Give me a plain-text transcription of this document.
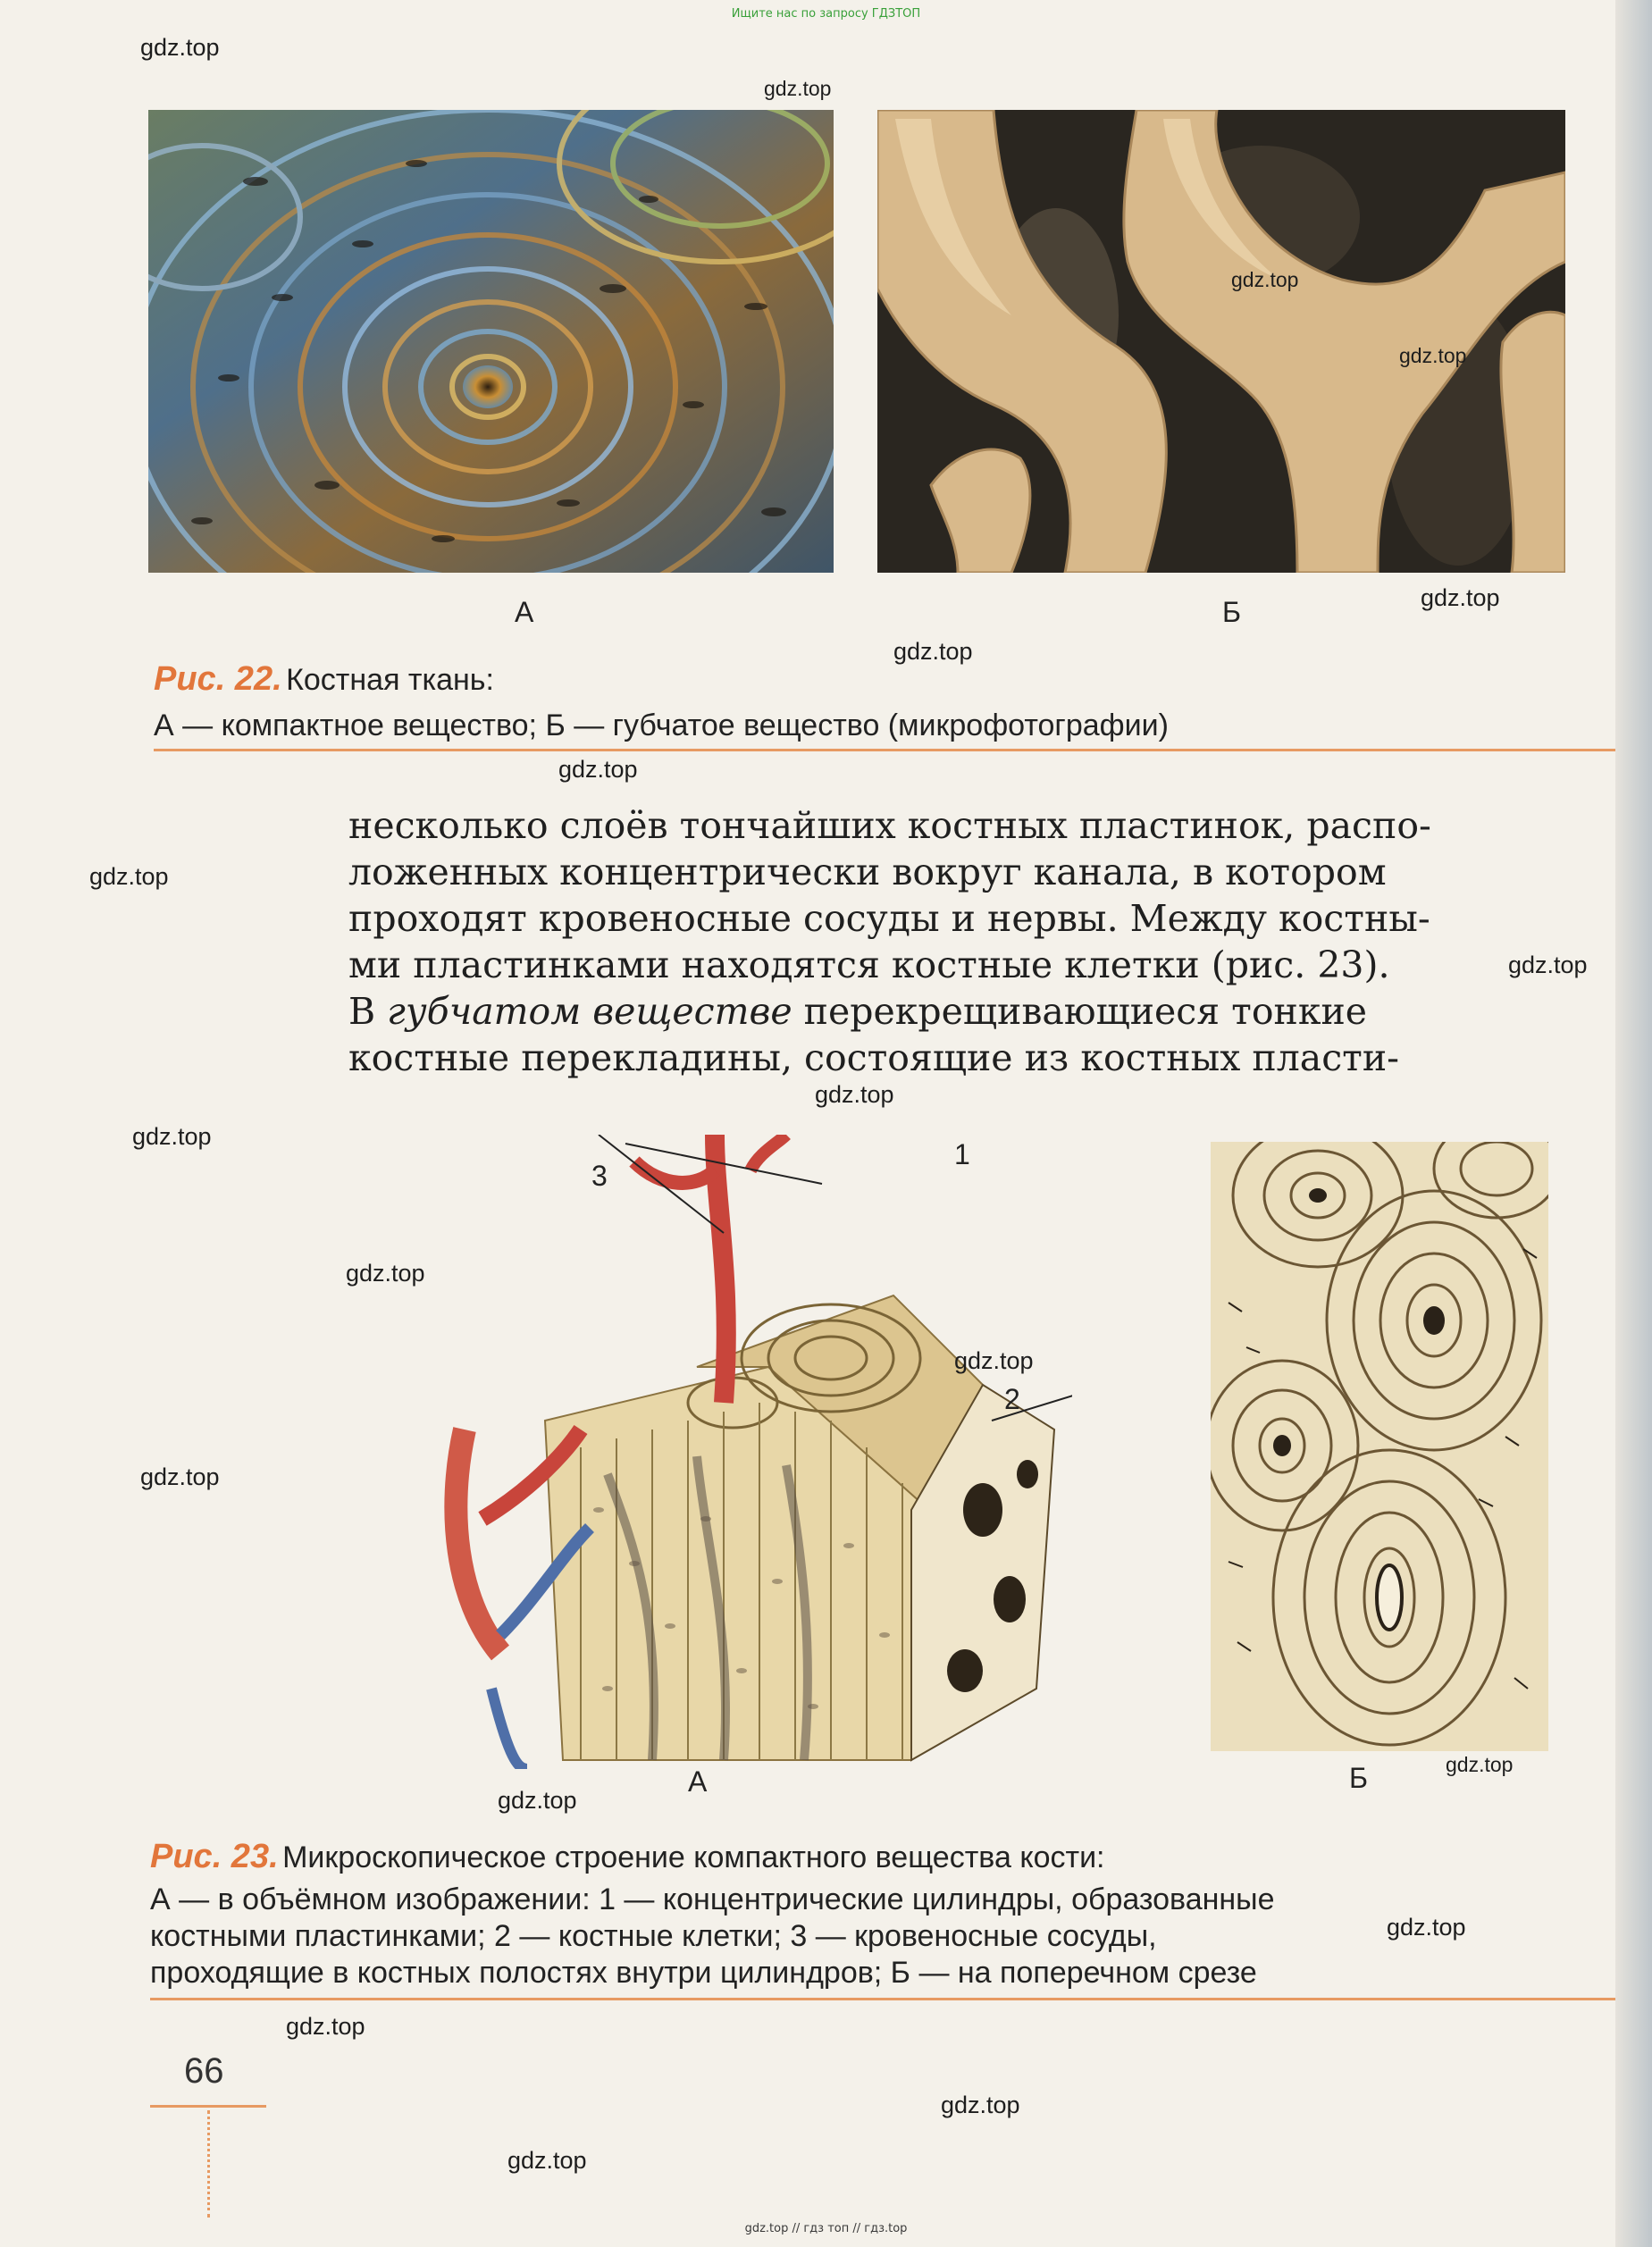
Ищите нас по запросу ГДЗТОП
А	Б
Рис. 22. Костная ткань:
А — компактное вещество; Б — губчатое вещество (микрофотографии)

несколько слоёв тончайших костных пластинок, распо-

ложенных концентрически вокруг канала, в котором

проходят кровеносные сосуды и нервы. Между костны-

ми пластинками находятся костные клетки (рис. 23).

В губчатом веществе перекрещивающиеся тонкие

костные перекладины, состоящие из костных пласти-

1
3
2
А	Б
Рис. 23. Микроскопическое строение компактного вещества кости:
А — в объёмном изображении: 1 — концентрические цилиндры, образованные
костными пластинками; 2 — костные клетки; 3 — кровеносные сосуды,
проходящие в костных полостях внутри цилиндров; Б — на поперечном срезе
66
gdz.top
gdz.top
gdz.top
gdz.top
gdz.top
gdz.top
gdz.top
gdz.top
gdz.top
gdz.top
gdz.top
gdz.top
gdz.top
gdz.top
gdz.top
gdz.top
gdz.top
gdz.top
gdz.top
gdz.top
gdz.top // гдз топ // гдз.top
